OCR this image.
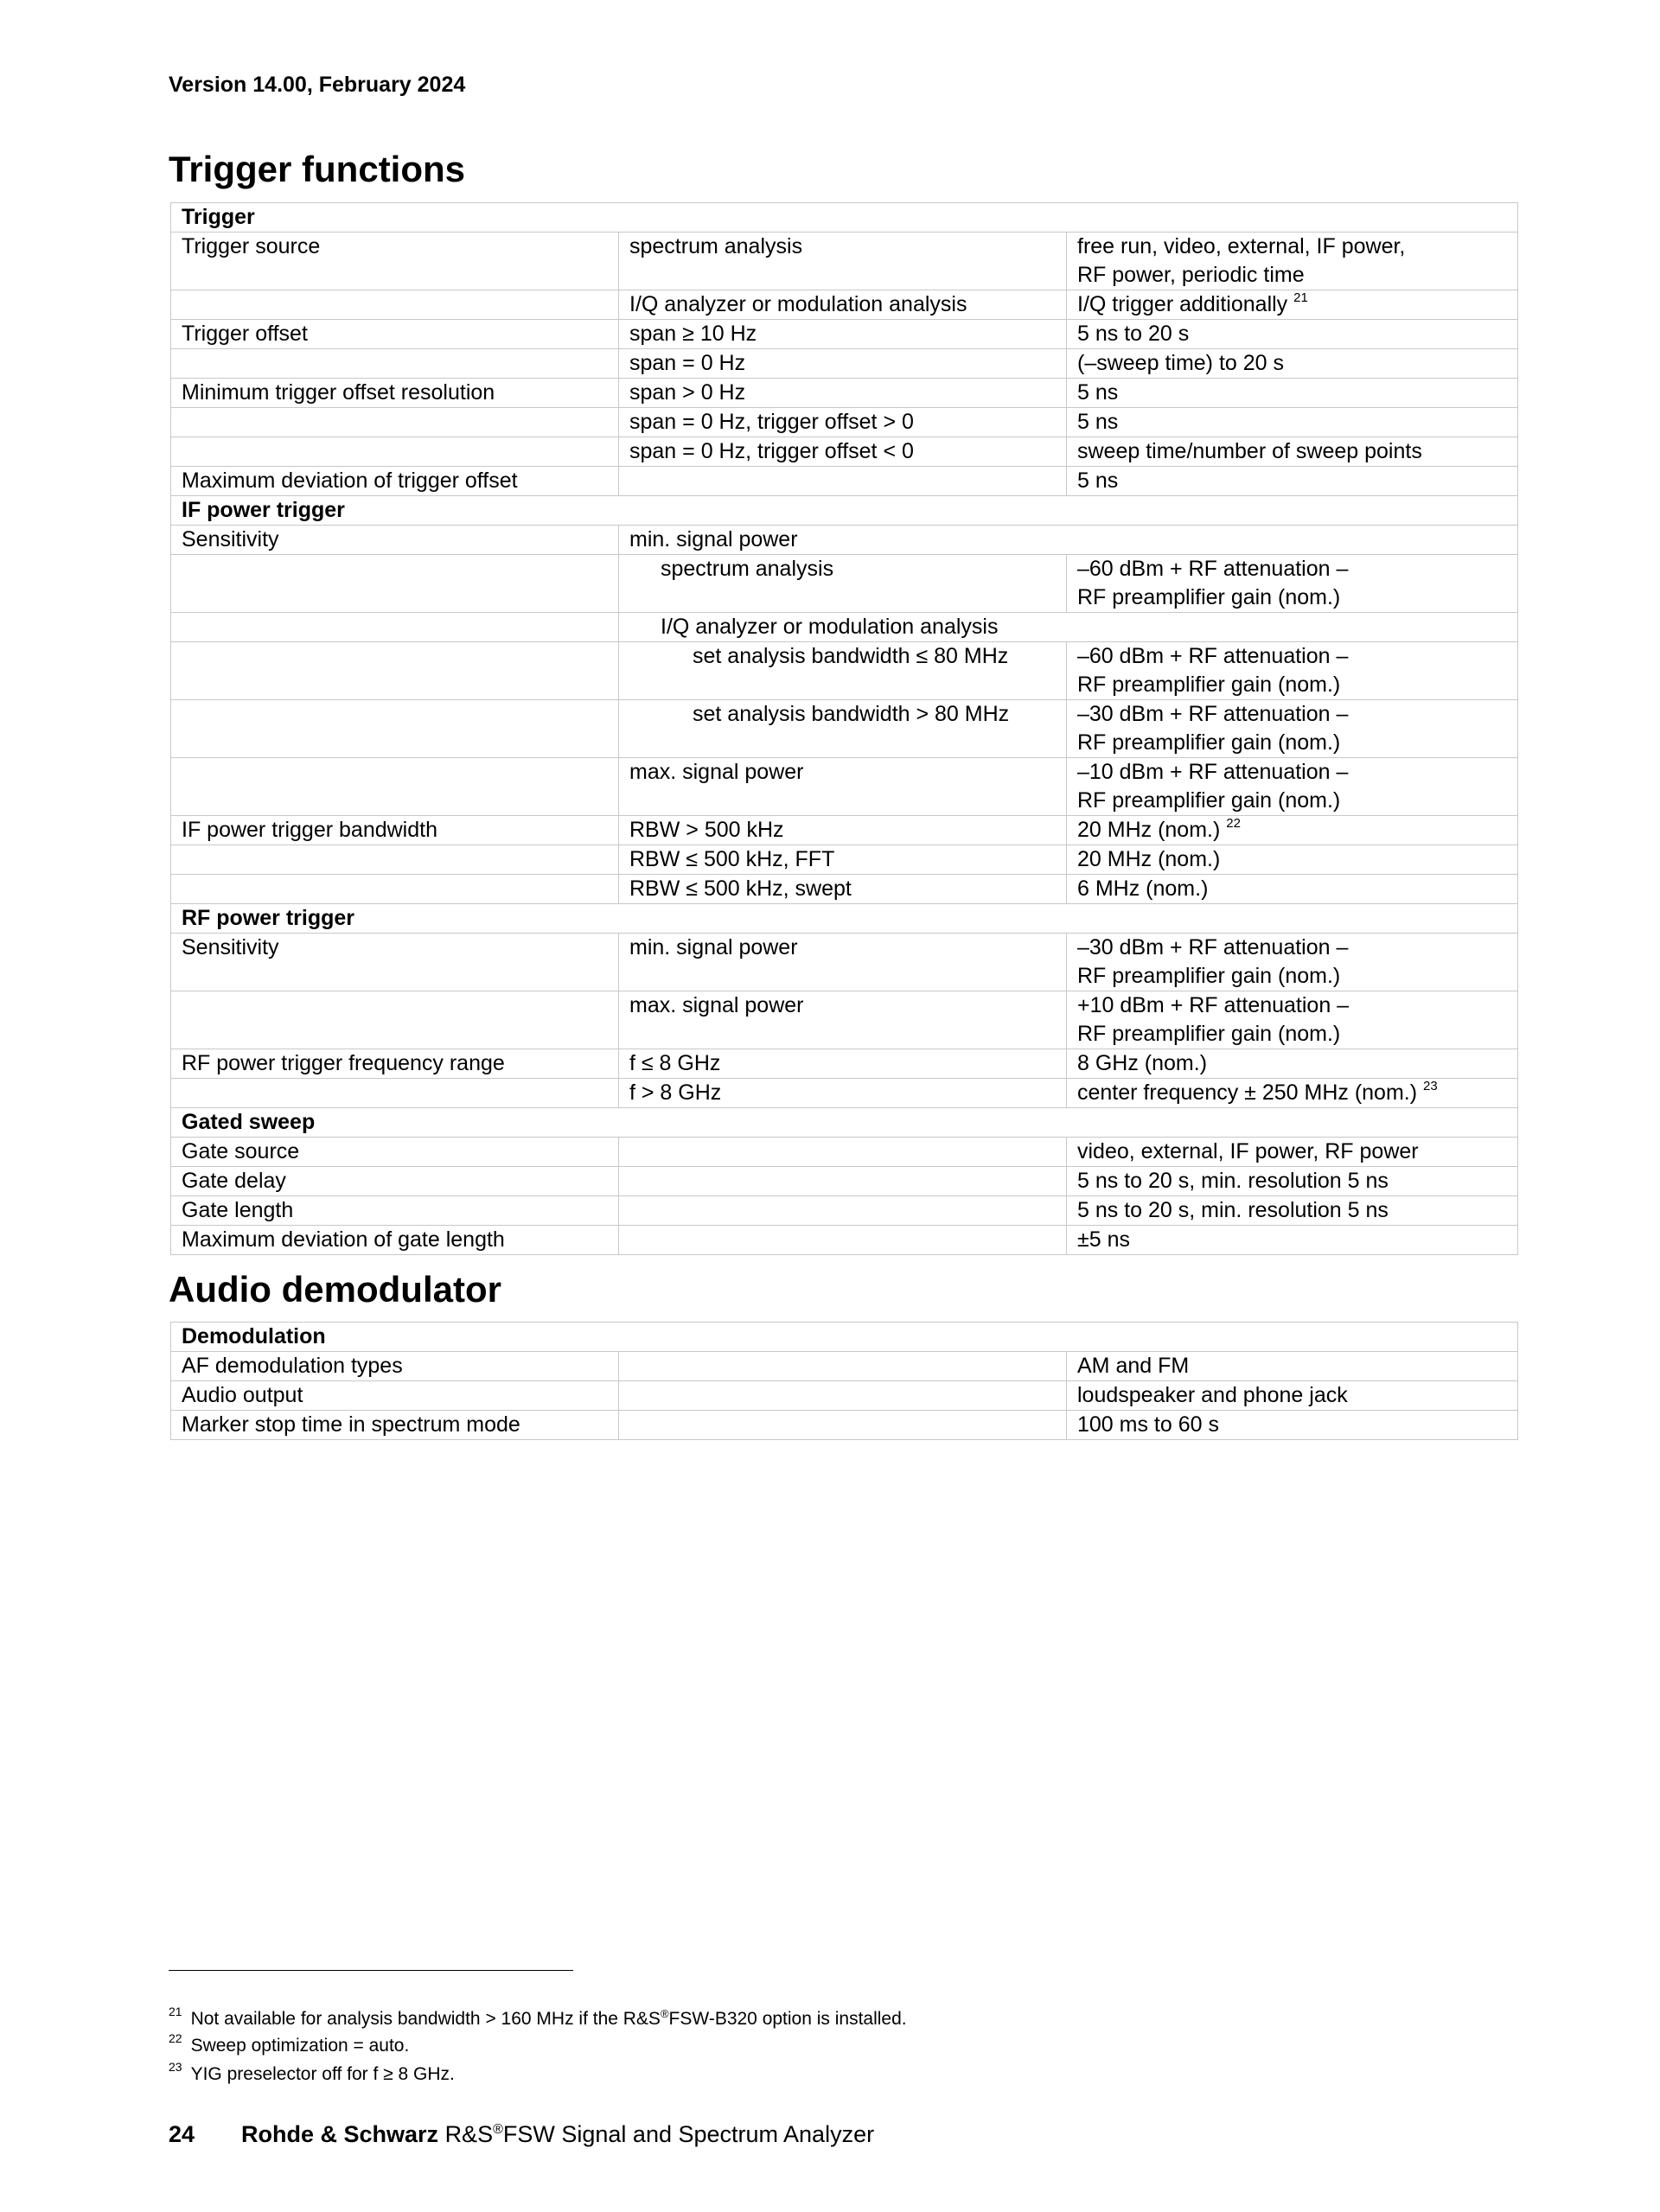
Version 14.00, February 2024
Trigger functions
Trigger		
Trigger source	spectrum analysis	free run, video, external, IF power,
RF power, periodic time
	I/Q analyzer or modulation analysis	I/Q trigger additionally $^{21}$
Trigger offset	span ≥ 10 Hz	5 ns to 20 s
	span = 0 Hz	(–sweep time) to 20 s
Minimum trigger offset resolution	span > 0 Hz	5 ns
	span = 0 Hz, trigger offset > 0	5 ns
	span = 0 Hz, trigger offset < 0	sweep time/number of sweep points
Maximum deviation of trigger offset		5 ns
IF power trigger		
Sensitivity	min. signal power	
	spectrum analysis	–60 dBm + RF attenuation –
RF preamplifier gain (nom.)
	I/Q analyzer or modulation analysis	
	set analysis bandwidth ≤ 80 MHz	–60 dBm + RF attenuation –
RF preamplifier gain (nom.)
	set analysis bandwidth > 80 MHz	–30 dBm + RF attenuation –
RF preamplifier gain (nom.)
	max. signal power	–10 dBm + RF attenuation –
RF preamplifier gain (nom.)
IF power trigger bandwidth	RBW > 500 kHz	20 MHz (nom.) $^{22}$
	RBW ≤ 500 kHz, FFT	20 MHz (nom.)
	RBW ≤ 500 kHz, swept	6 MHz (nom.)
RF power trigger		
Sensitivity	min. signal power	–30 dBm + RF attenuation –
RF preamplifier gain (nom.)
	max. signal power	+10 dBm + RF attenuation –
RF preamplifier gain (nom.)
RF power trigger frequency range	f ≤ 8 GHz	8 GHz (nom.)
	f > 8 GHz	center frequency ± 250 MHz (nom.) $^{23}$
Gated sweep		
Gate source		video, external, IF power, RF power
Gate delay		5 ns to 20 s, min. resolution 5 ns
Gate length		5 ns to 20 s, min. resolution 5 ns
Maximum deviation of gate length		±5 ns
Audio demodulator
Demodulation		
AF demodulation types		AM and FM
Audio output		loudspeaker and phone jack
Marker stop time in spectrum mode		100 ms to 60 s
$^{21}$ Not available for analysis bandwidth > 160 MHz if the R&S®FSW-B320 option is installed.
$^{22}$ Sweep optimization = auto.
$^{23}$ YIG preselector off for f ≥ 8 GHz.
24 Rohde & Schwarz R&S®FSW Signal and Spectrum Analyzer
